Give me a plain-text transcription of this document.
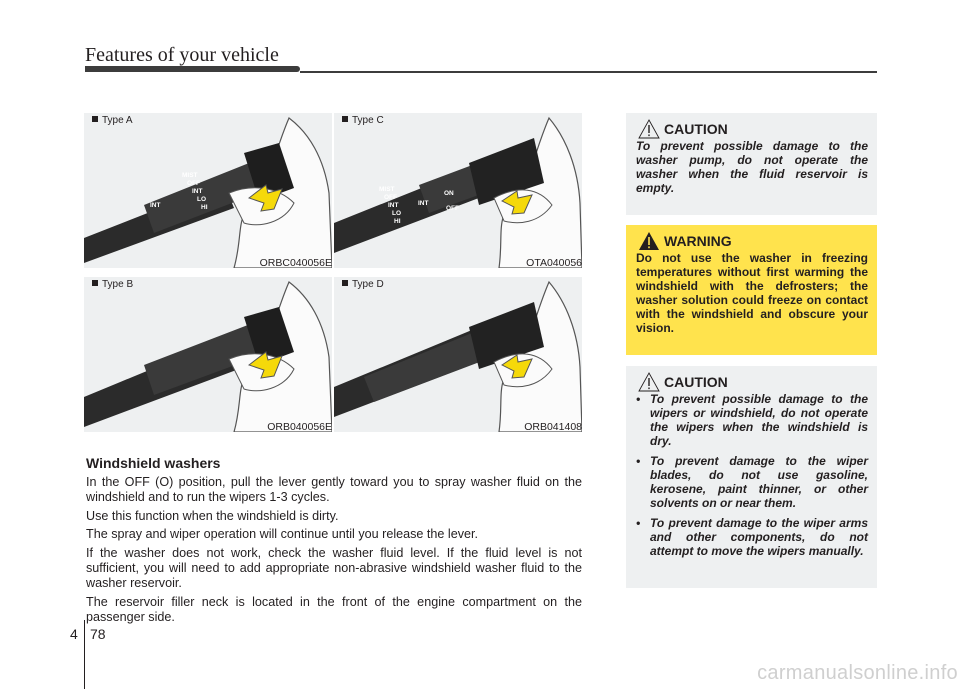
Features of your vehicle
MIST
OFF
INT
LO
HI
INT
Type A
ORBC040056E
MIST
OFF
INT
LO
HI
INT
ON
OFF
Type C
OTA040056
Type B
ORB040056E
Type D
ORB041408
Windshield washers

In the OFF (O) position, pull the lever gently toward you to spray washer fluid on the windshield and to run the wipers 1-3 cycles.

Use this function when the windshield is dirty.

The spray and wiper operation will continue until you release the lever.

If the washer does not work, check the washer fluid level. If the fluid level is not sufficient, you will need to add appropriate non-abrasive windshield washer fluid to the washer reservoir.

The reservoir filler neck is located in the front of the engine compartment on the passenger side.

CAUTION
To prevent possible damage to the washer pump, do not operate the washer when the fluid reservoir is empty.
WARNING
Do not use the washer in freezing temperatures without first warming the windshield with the defrosters; the washer solution could freeze on contact with the windshield and obscure your vision.
CAUTION
• To prevent possible damage to the wipers or windshield, do not operate the wipers when the windshield is dry.
• To prevent damage to the wiper blades, do not use gasoline, kerosene, paint thinner, or other solvents on or near them.
• To prevent damage to the wiper arms and other components, do not attempt to move the wipers manually.
4 78
carmanualsonline.info
